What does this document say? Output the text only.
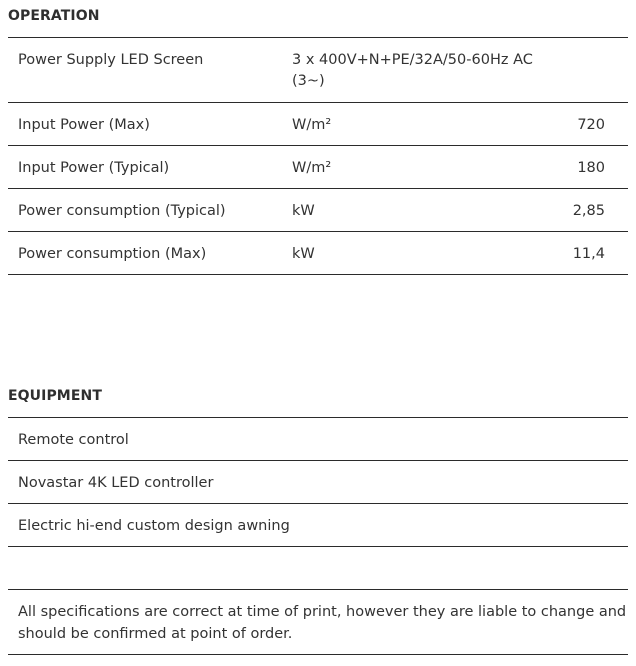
OPERATION
Power Supply LED Screen	3 x 400V+N+PE/32A/50-60Hz AC
(3~)
Input Power (Max)	W/m²	720
Input Power (Typical)	W/m²	180
Power consumption (Typical)	kW	2,85
Power consumption (Max)	kW	11,4
EQUIPMENT
Remote control
Novastar 4K LED controller
Electric hi-end custom design awning
All specifications are correct at time of print, however they are liable to change and
should be confirmed at point of order.
